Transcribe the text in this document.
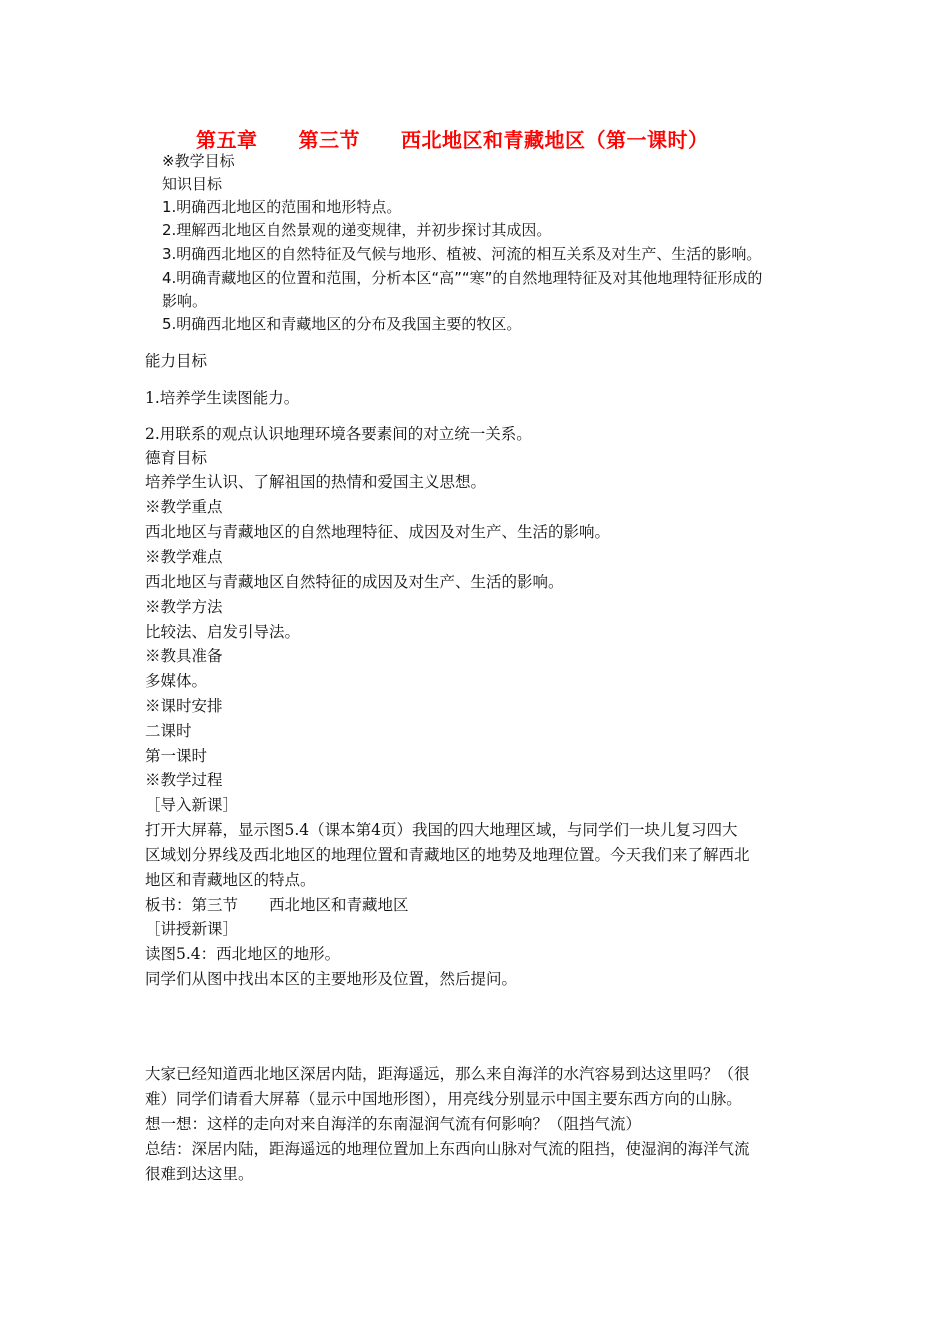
第五章　　第三节　　西北地区和青藏地区（第一课时）
※教学目标
知识目标
1.明确西北地区的范围和地形特点。
2.理解西北地区自然景观的递变规律，并初步探讨其成因。
3.明确西北地区的自然特征及气候与地形、植被、河流的相互关系及对生产、生活的影响。
4.明确青藏地区的位置和范围，分析本区“高”“寒”的自然地理特征及对其他地理特征形成的
影响。
5.明确西北地区和青藏地区的分布及我国主要的牧区。
能力目标
1.培养学生读图能力。
2.用联系的观点认识地理环境各要素间的对立统一关系。
德育目标
培养学生认识、了解祖国的热情和爱国主义思想。
※教学重点
西北地区与青藏地区的自然地理特征、成因及对生产、生活的影响。
※教学难点
西北地区与青藏地区自然特征的成因及对生产、生活的影响。
※教学方法
比较法、启发引导法。
※教具准备
多媒体。
※课时安排
二课时
第一课时
※教学过程
［导入新课］
打开大屏幕，显示图5.4（课本第4页）我国的四大地理区域，与同学们一块儿复习四大
区域划分界线及西北地区的地理位置和青藏地区的地势及地理位置。今天我们来了解西北
地区和青藏地区的特点。
板书：第三节　　西北地区和青藏地区
［讲授新课］
读图5.4：西北地区的地形。
同学们从图中找出本区的主要地形及位置，然后提问。
大家已经知道西北地区深居内陆，距海遥远，那么来自海洋的水汽容易到达这里吗？（很
难）同学们请看大屏幕（显示中国地形图），用亮线分别显示中国主要东西方向的山脉。
想一想：这样的走向对来自海洋的东南湿润气流有何影响？（阻挡气流）
总结：深居内陆，距海遥远的地理位置加上东西向山脉对气流的阻挡，使湿润的海洋气流
很难到达这里。
